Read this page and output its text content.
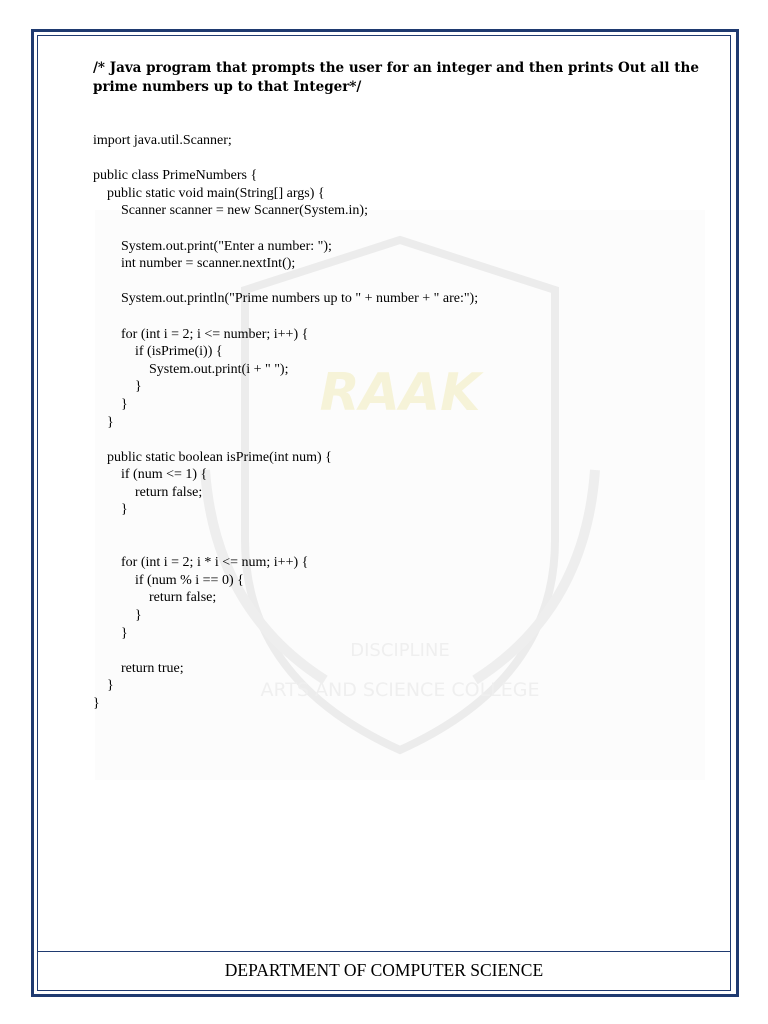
RAAK
DISCIPLINE
ARTS AND SCIENCE COLLEGE

/* Java program that prompts the user for an integer and then prints Out all the prime numbers up to that Integer*/

import java.util.Scanner;
public class PrimeNumbers {
public static void main(String[] args) {
Scanner scanner = new Scanner(System.in);
System.out.print("Enter a number: ");
int number = scanner.nextInt();
System.out.println("Prime numbers up to " + number + " are:");
for (int i = 2; i <= number; i++) {
if (isPrime(i)) {
System.out.print(i + " ");
}
}
}
public static boolean isPrime(int num) {
if (num <= 1) {
return false;
}
for (int i = 2; i * i <= num; i++) {
if (num % i == 0) {
return false;
}
}
return true;
}
}
DEPARTMENT OF COMPUTER SCIENCE
